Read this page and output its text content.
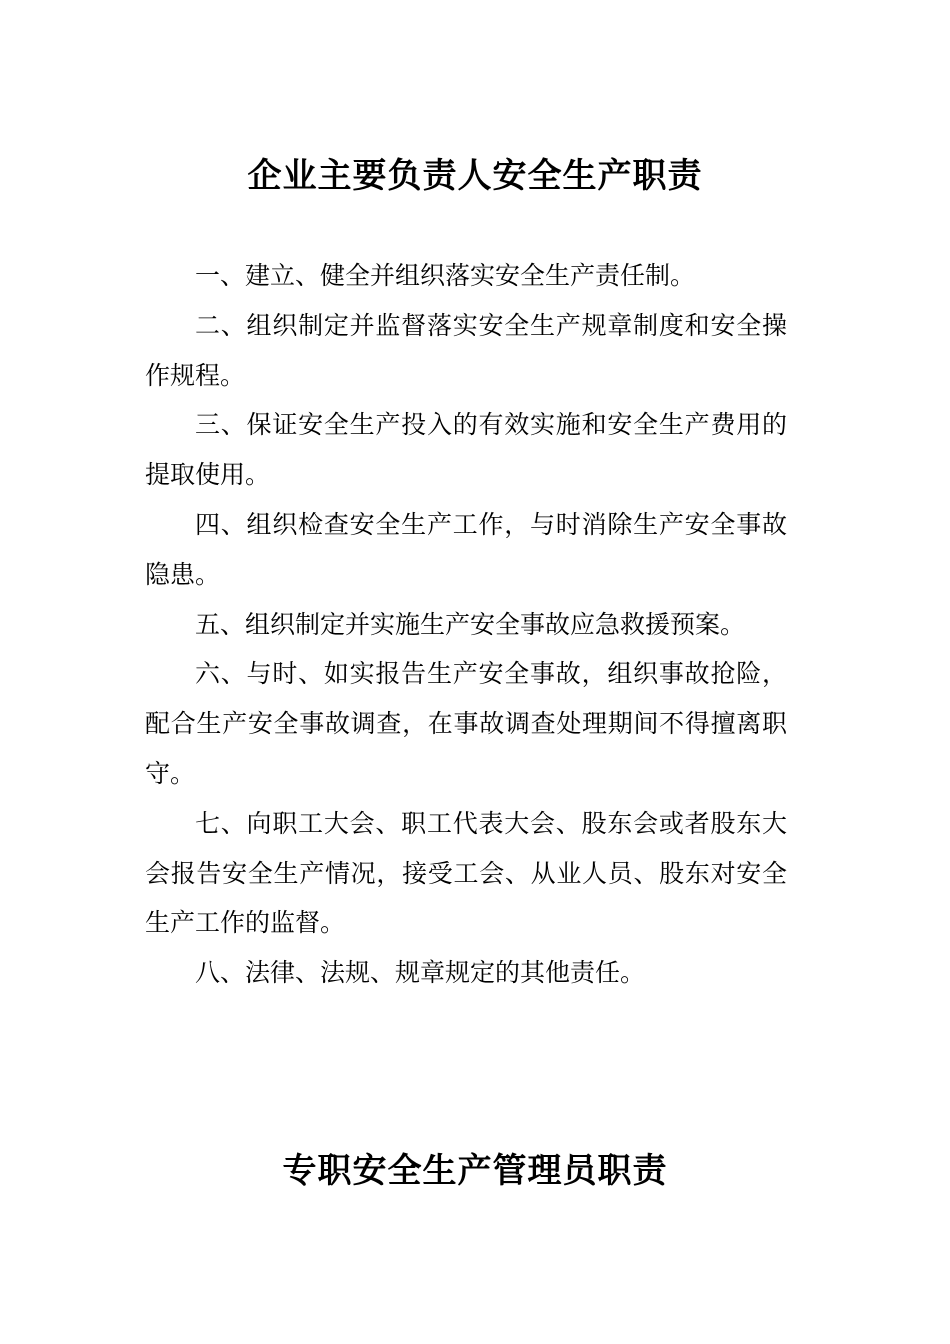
企业主要负责人安全生产职责

一、建立、健全并组织落实安全生产责任制。

二、组织制定并监督落实安全生产规章制度和安全操作规程。

三、保证安全生产投入的有效实施和安全生产费用的提取使用。

四、组织检查安全生产工作，与时消除生产安全事故隐患。

五、组织制定并实施生产安全事故应急救援预案。

六、与时、如实报告生产安全事故，组织事故抢险，配合生产安全事故调查，在事故调查处理期间不得擅离职守。

七、向职工大会、职工代表大会、股东会或者股东大会报告安全生产情况，接受工会、从业人员、股东对安全生产工作的监督。

八、法律、法规、规章规定的其他责任。

专职安全生产管理员职责
